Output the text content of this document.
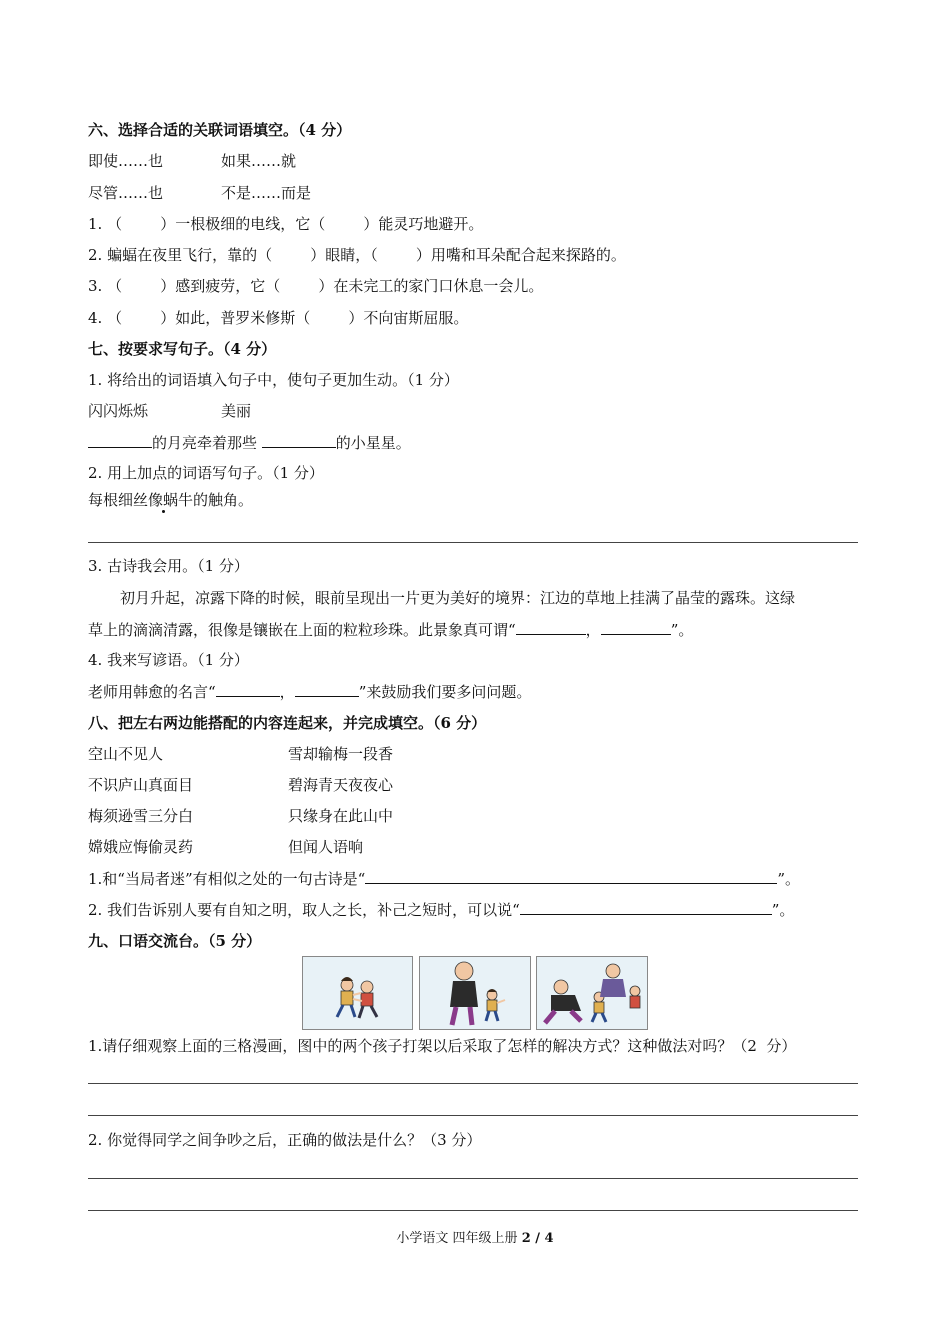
六、选择合适的关联词语填空。（4 分）
即使……也	如果……就
尽管……也	不是……而是
1. （        ）一根极细的电线，它（        ）能灵巧地避开。
2. 蝙蝠在夜里飞行，靠的（        ）眼睛，（        ）用嘴和耳朵配合起来探路的。
3. （        ）感到疲劳，它（        ）在未完工的家门口休息一会儿。
4. （        ）如此，普罗米修斯（        ）不向宙斯屈服。
七、按要求写句子。（4 分）
1. 将给出的词语填入句子中，使句子更加生动。（1 分）
闪闪烁烁	美丽
的月亮牵着那些	的小星星。
2. 用上加点的词语写句子。（1 分）
每根细丝像蜗牛的触角。
3. 古诗我会用。（1 分）
初月升起，凉露下降的时候，眼前呈现出一片更为美好的境界：江边的草地上挂满了晶莹的露珠。这绿
草上的滴滴清露，很像是镶嵌在上面的粒粒珍珠。此景象真可谓“	，	”。
4. 我来写谚语。（1 分）
老师用韩愈的名言“	，	”来鼓励我们要多问问题。
八、把左右两边能搭配的内容连起来，并完成填空。（6 分）
空山不见人	雪却输梅一段香
不识庐山真面目	碧海青天夜夜心
梅须逊雪三分白	只缘身在此山中
嫦娥应悔偷灵药	但闻人语响
1.和“当局者迷”有相似之处的一句古诗是“	”。
2. 我们告诉别人要有自知之明，取人之长，补己之短时，可以说“	”。
九、口语交流台。（5 分）
1.请仔细观察上面的三格漫画，图中的两个孩子打架以后采取了怎样的解决方式？这种做法对吗？（2  分）
2. 你觉得同学之间争吵之后，正确的做法是什么？（3 分）
小学语文 四年级上册 2 / 4
